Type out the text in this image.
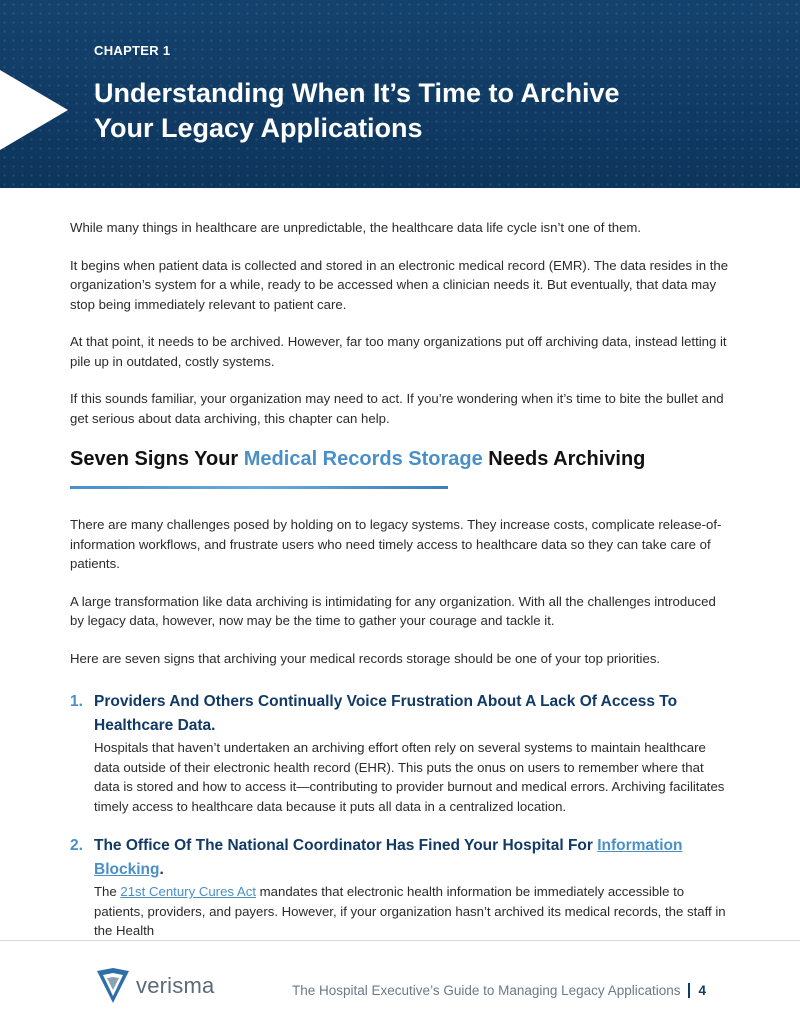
CHAPTER 1
Understanding When It’s Time to Archive Your Legacy Applications

While many things in healthcare are unpredictable, the healthcare data life cycle isn’t one of them.

It begins when patient data is collected and stored in an electronic medical record (EMR). The data resides in the organization’s system for a while, ready to be accessed when a clinician needs it. But eventually, that data may stop being immediately relevant to patient care.

At that point, it needs to be archived. However, far too many organizations put off archiving data, instead letting it pile up in outdated, costly systems.

If this sounds familiar, your organization may need to act. If you’re wondering when it’s time to bite the bullet and get serious about data archiving, this chapter can help.

Seven Signs Your Medical Records Storage Needs Archiving

There are many challenges posed by holding on to legacy systems. They increase costs, complicate release-of-information workflows, and frustrate users who need timely access to healthcare data so they can take care of patients.

A large transformation like data archiving is intimidating for any organization. With all the challenges introduced by legacy data, however, now may be the time to gather your courage and tackle it.

Here are seven signs that archiving your medical records storage should be one of your top priorities.

1. Providers And Others Continually Voice Frustration About A Lack Of Access To Healthcare Data.
Hospitals that haven’t undertaken an archiving effort often rely on several systems to maintain healthcare data outside of their electronic health record (EHR). This puts the onus on users to remember where that data is stored and how to access it—contributing to provider burnout and medical errors. Archiving facilitates timely access to healthcare data because it puts all data in a centralized location.
2. The Office Of The National Coordinator Has Fined Your Hospital For Information Blocking.
The 21st Century Cures Act mandates that electronic health information be immediately accessible to patients, providers, and payers. However, if your organization hasn’t archived its medical records, the staff in the Health
verisma	The Hospital Executive’s Guide to Managing Legacy Applications 4
